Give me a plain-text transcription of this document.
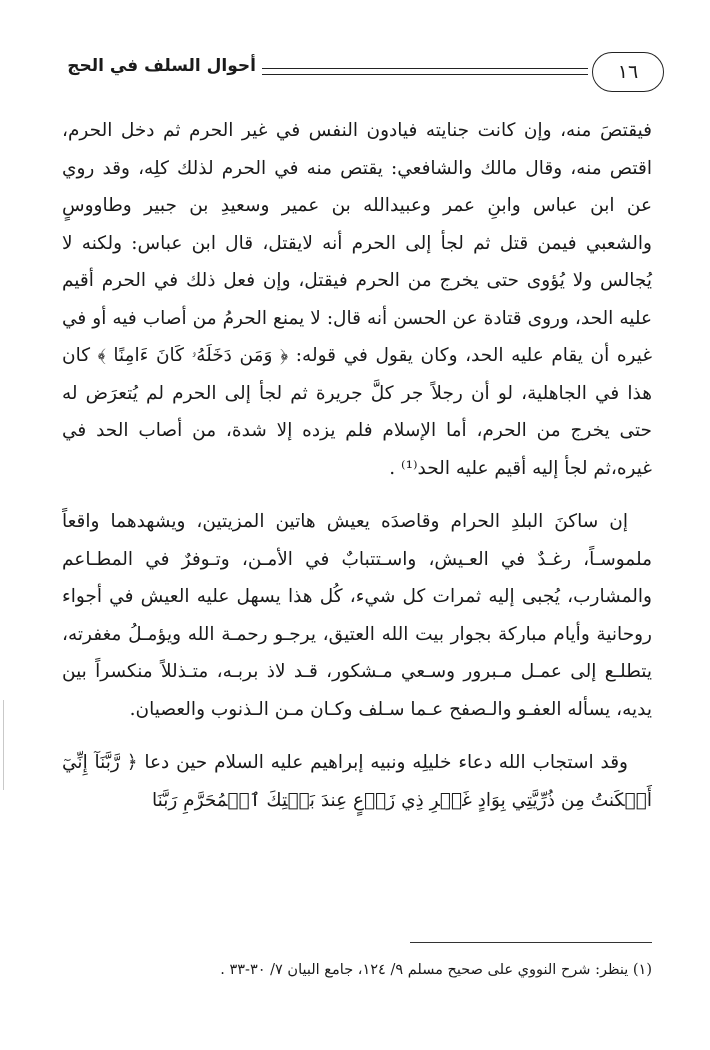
١٦
أحوال السلف في الحج

فيقتصَ منه، وإن كانت جنايته فيادون النفس في غير الحرم ثم دخل الحرم، اقتص منه، وقال مالك والشافعي: يقتص منه في الحرم لذلك كلِه، وقد روي عن ابن عباس وابنِ عمر وعبيدالله بن عمير وسعيدِ بن جبير وطاووسٍ والشعبي فيمن قتل ثم لجأ إلى الحرم أنه لايقتل، قال ابن عباس: ولكنه لا يُجالس ولا يُؤوى حتى يخرج من الحرم فيقتل، وإن فعل ذلك في الحرم أقيم عليه الحد، وروى قتادة عن الحسن أنه قال: لا يمنع الحرمُ من أصاب فيه أو في غيره أن يقام عليه الحد، وكان يقول في قوله: ﴿ وَمَن دَخَلَهُۥ كَانَ ءَامِنًا ﴾ كان هذا في الجاهلية، لو أن رجلاً جر كلَّ جريرة ثم لجأ إلى الحرم لم يُتعرَض له حتى يخرج من الحرم، أما الإسلام فلم يزده إلا شدة، من أصاب الحد في غيره،ثم لجأ إليه أقيم عليه الحد⁽¹⁾ .

إن ساكنَ البلدِ الحرام وقاصدَه يعيش هاتين المزيتين، ويشهدهما واقعاً ملموسـاً، رغـدٌ في العـيش، واسـتتبابٌ في الأمـن، وتـوفرٌ في المطـاعم والمشارب، يُجبى إليه ثمرات كل شيء، كُل هذا يسهل عليه العيش في أجواء روحانية وأيام مباركة بجوار بيت الله العتيق، يرجـو رحمـة الله ويؤمـلُ مغفرته، يتطلـع إلى عمـل مـبرور وسـعي مـشكور، قـد لاذ بربـه، متـذللاً منكسراً بين يديه، يسأله العفـو والـصفح عـما سـلف وكـان مـن الـذنوب والعصيان.

وقد استجاب الله دعاء خليلِه ونبيه إبراهيم عليه السلام حين دعا ﴿ رَّبَّنَآ إِنِّيٓ أَسۡكَنتُ مِن ذُرِّيَّتِي بِوَادٍ غَيۡرِ ذِي زَرۡعٍ عِندَ بَيۡتِكَ ٱلۡمُحَرَّمِ رَبَّنَا

(١) ينظر: شرح النووي على صحيح مسلم ٩/ ١٢٤، جامع البيان ٧/ ٣٠-٣٣ .
